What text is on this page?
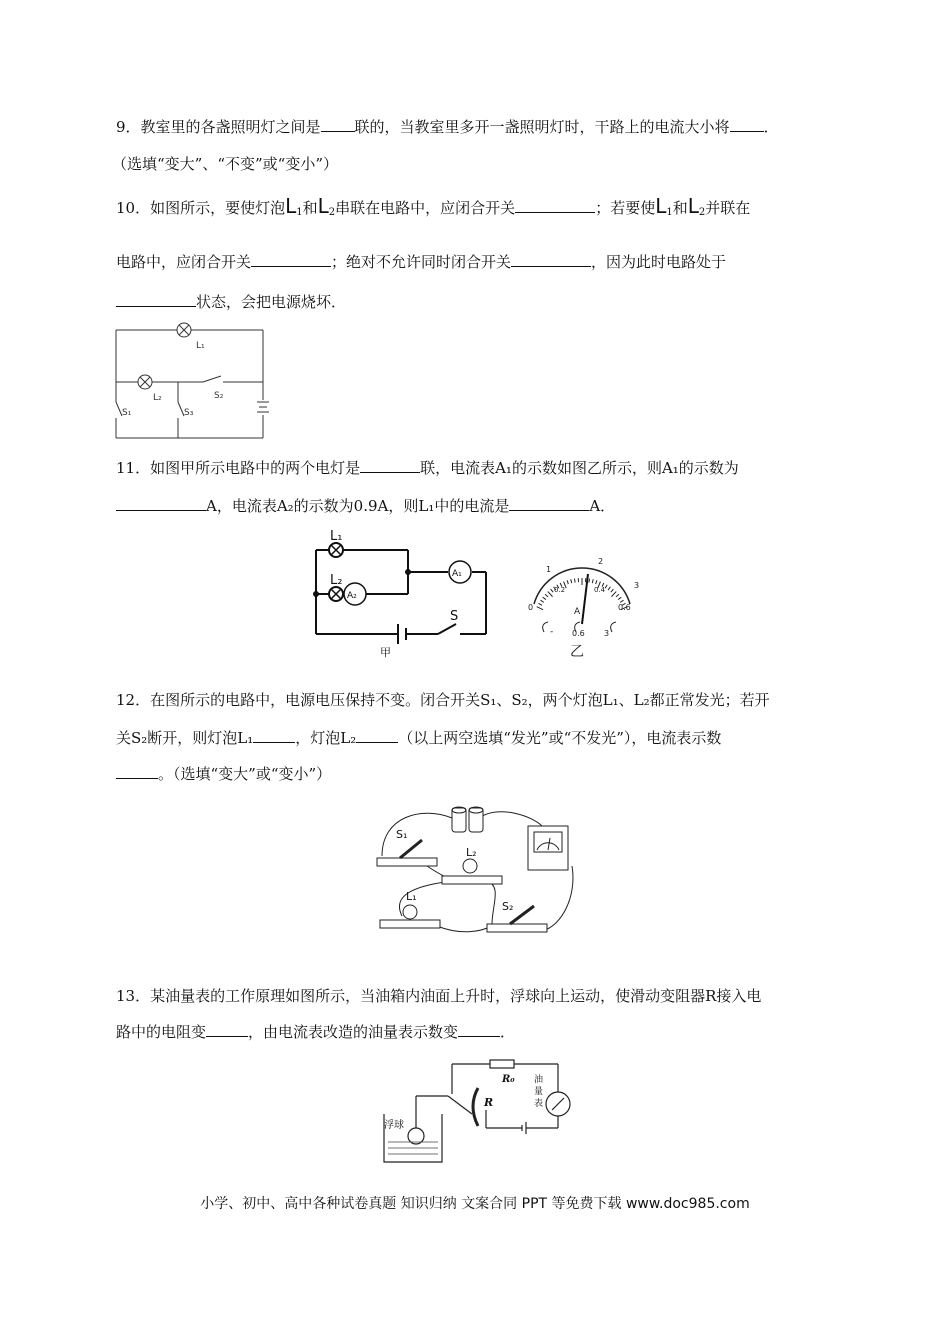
9．教室里的各盏照明灯之间是 联的，当教室里多开一盏照明灯时，干路上的电流大小将 ．
（选填“变大”、“不变”或“变小”）
10．如图所示，要使灯泡$L_1$和$L_2$串联在电路中，应闭合开关	；若要使$L_1$和$L_2$并联在
电路中，应闭合开关	；绝对不允许同时闭合开关	，因为此时电路处于
状态，会把电源烧坏．
L₁
L₂	S₂
S₁	S₃
11．如图甲所示电路中的两个电灯是	联，电流表A₁的示数如图乙所示，则A₁的示数为
A，电流表A₂的示数为0.9A，则L₁中的电流是	A．
L₁
L₂
A₂
A₁
S
甲
1
2
3
0.2	0.4
0	0.6
A
- 0.6 3
乙
12．在图所示的电路中，电源电压保持不变。闭合开关S₁、S₂，两个灯泡L₁、L₂都正常发光；若开
关S₂断开，则灯泡L₁	，灯泡L₂	（以上两空选填“发光”或“不发光”），电流表示数
。（选填“变大”或“变小”）
S₁
L₂
L₁
S₂
13．某油量表的工作原理如图所示，当油箱内油面上升时，浮球向上运动，使滑动变阻器R接入电
路中的电阻变	，由电流表改造的油量表示数变	．
R₀
R
油
量
表
浮球
小学、初中、高中各种试卷真题 知识归纳 文案合同 PPT 等免费下载 www.doc985.com
